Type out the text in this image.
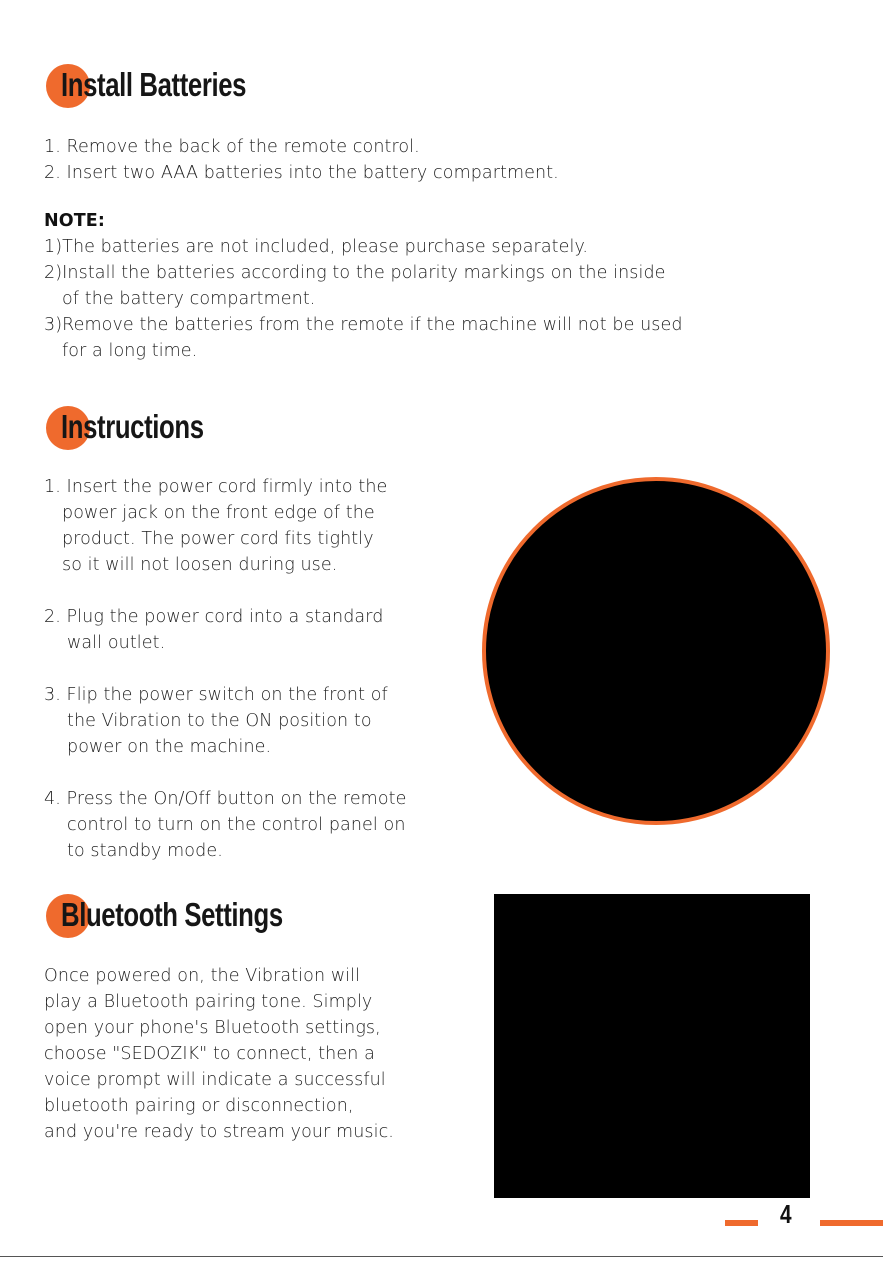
Install Batteries
1. Remove the back of the remote control.
2. Insert two AAA batteries into the battery compartment.
NOTE:
1)The batteries are not included, please purchase separately.
2)Install the batteries according to the polarity markings on the inside
of the battery compartment.
3)Remove the batteries from the remote if the machine will not be used
for a long time.
Instructions
1. Insert the power cord firmly into the
power jack on the front edge of the
product. The power cord fits tightly
so it will not loosen during use.
2. Plug the power cord into a standard
wall outlet.
3. Flip the power switch on the front of
the Vibration to the ON position to
power on the machine.
4. Press the On/Off button on the remote
control to turn on the control panel on
to standby mode.
Bluetooth Settings
Once powered on, the Vibration will
play a Bluetooth pairing tone. Simply
open your phone's Bluetooth settings,
choose "SEDOZIK" to connect, then a
voice prompt will indicate a successful
bluetooth pairing or disconnection,
and you're ready to stream your music.
4
